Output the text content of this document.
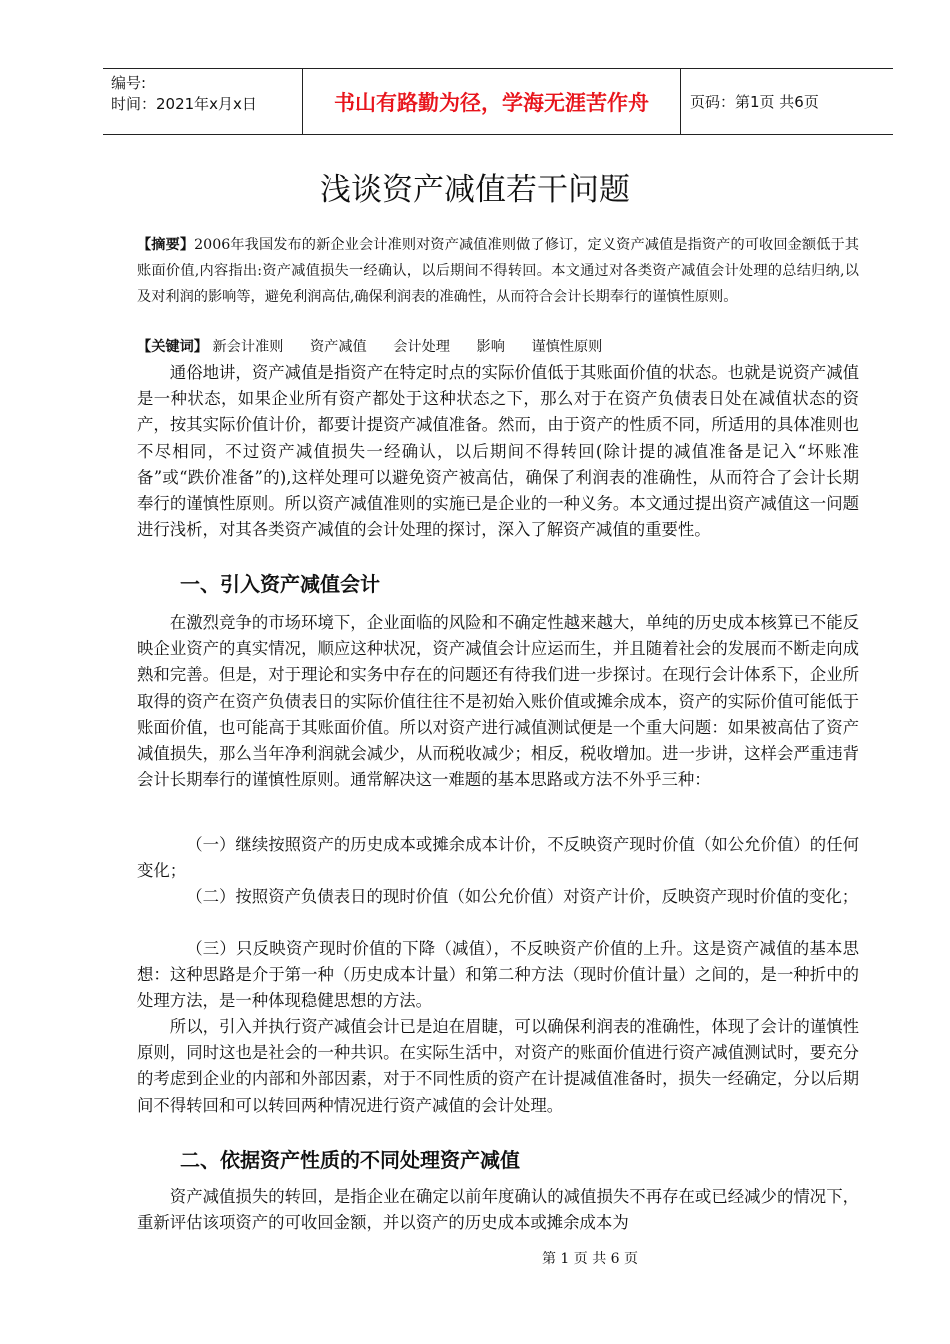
编号:
时间：2021年x月x日	书山有路勤为径，学海无涯苦作舟	页码：第1页 共6页
浅谈资产减值若干问题
【摘要】2006年我国发布的新企业会计准则对资产减值准则做了修订，定义资产减值是指资产的可收回金额低于其账面价值,内容指出:资产减值损失一经确认，以后期间不得转回。本文通过对各类资产减值会计处理的总结归纳,以及对利润的影响等，避免利润高估,确保利润表的准确性，从而符合会计长期奉行的谨慎性原则。
【关键词】 新会计准则 资产减值 会计处理 影响 谨慎性原则

通俗地讲，资产减值是指资产在特定时点的实际价值低于其账面价值的状态。也就是说资产减值是一种状态，如果企业所有资产都处于这种状态之下，那么对于在资产负债表日处在减值状态的资产，按其实际价值计价，都要计提资产减值准备。然而，由于资产的性质不同，所适用的具体准则也不尽相同，不过资产减值损失一经确认，以后期间不得转回(除计提的减值准备是记入“坏账准备”或“跌价准备”的),这样处理可以避免资产被高估，确保了利润表的准确性，从而符合了会计长期奉行的谨慎性原则。所以资产减值准则的实施已是企业的一种义务。本文通过提出资产减值这一问题进行浅析，对其各类资产减值的会计处理的探讨，深入了解资产减值的重要性。

一、引入资产减值会计

在激烈竞争的市场环境下，企业面临的风险和不确定性越来越大，单纯的历史成本核算已不能反映企业资产的真实情况，顺应这种状况，资产减值会计应运而生，并且随着社会的发展而不断走向成熟和完善。但是，对于理论和实务中存在的问题还有待我们进一步探讨。在现行会计体系下，企业所取得的资产在资产负债表日的实际价值往往不是初始入账价值或摊余成本，资产的实际价值可能低于账面价值，也可能高于其账面价值。所以对资产进行减值测试便是一个重大问题：如果被高估了资产减值损失，那么当年净利润就会减少，从而税收减少；相反，税收增加。进一步讲，这样会严重违背会计长期奉行的谨慎性原则。通常解决这一难题的基本思路或方法不外乎三种：

（一）继续按照资产的历史成本或摊余成本计价，不反映资产现时价值（如公允价值）的任何变化；

（二）按照资产负债表日的现时价值（如公允价值）对资产计价，反映资产现时价值的变化；

（三）只反映资产现时价值的下降（减值），不反映资产价值的上升。这是资产减值的基本思想：这种思路是介于第一种（历史成本计量）和第二种方法（现时价值计量）之间的，是一种折中的处理方法，是一种体现稳健思想的方法。

所以，引入并执行资产减值会计已是迫在眉睫，可以确保利润表的准确性，体现了会计的谨慎性原则，同时这也是社会的一种共识。在实际生活中，对资产的账面价值进行资产减值测试时，要充分的考虑到企业的内部和外部因素，对于不同性质的资产在计提减值准备时，损失一经确定，分以后期间不得转回和可以转回两种情况进行资产减值的会计处理。

二、依据资产性质的不同处理资产减值

资产减值损失的转回，是指企业在确定以前年度确认的减值损失不再存在或已经减少的情况下，重新评估该项资产的可收回金额，并以资产的历史成本或摊余成本为

第 1 页 共 6 页
